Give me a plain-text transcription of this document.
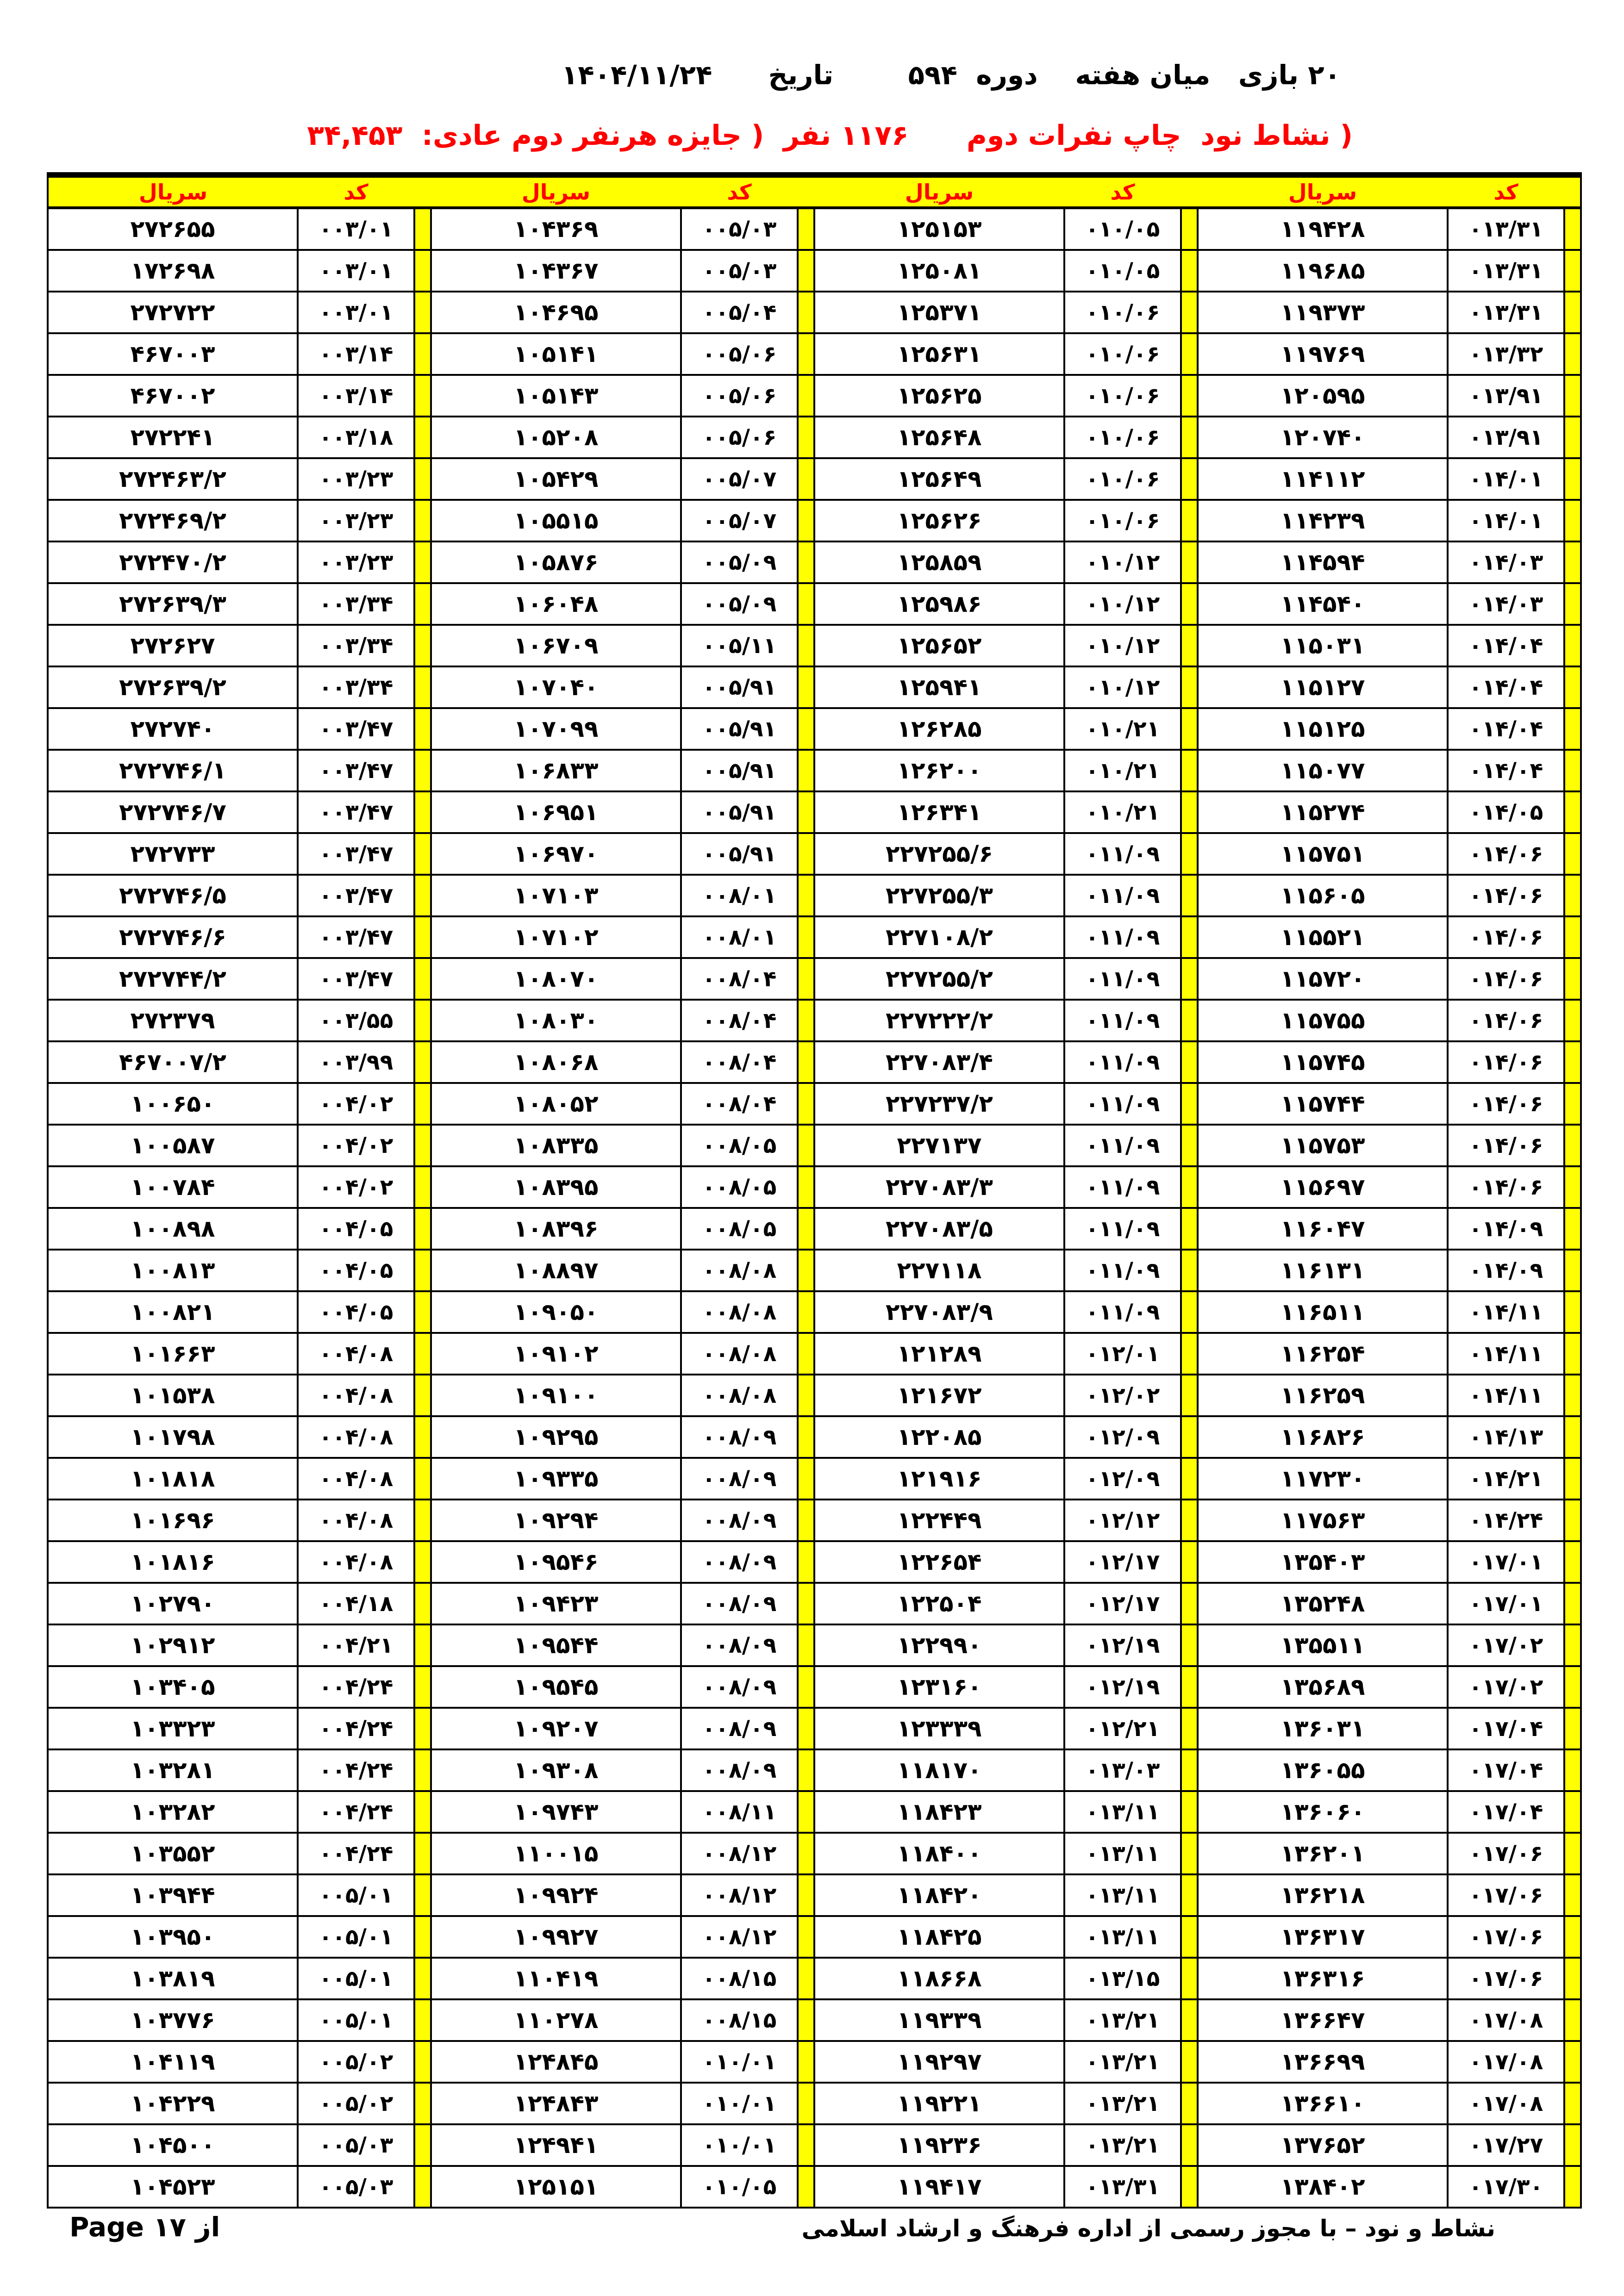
۲۰ بازی   میان هفته    دوره  ۵۹۴        تاریخ      ۱۴۰۴/۱۱/۲۴
( نشاط نود  چاپ نفرات دوم      ۱۱۷۶ نفر  ( جایزه هرنفر دوم عادی:  ۳۴,۴۵۳
	کد	سریال		کد	سریال		کد	سریال		کد	سریال
	۰۱۳/۳۱	۱۱۹۴۲۸		۰۱۰/۰۵	۱۲۵۱۵۳		۰۰۵/۰۳	۱۰۴۳۶۹		۰۰۳/۰۱	۲۷۲۶۵۵
	۰۱۳/۳۱	۱۱۹۶۸۵		۰۱۰/۰۵	۱۲۵۰۸۱		۰۰۵/۰۳	۱۰۴۳۶۷		۰۰۳/۰۱	۱۷۲۶۹۸
	۰۱۳/۳۱	۱۱۹۳۷۳		۰۱۰/۰۶	۱۲۵۳۷۱		۰۰۵/۰۴	۱۰۴۶۹۵		۰۰۳/۰۱	۲۷۲۷۲۲
	۰۱۳/۳۲	۱۱۹۷۶۹		۰۱۰/۰۶	۱۲۵۶۳۱		۰۰۵/۰۶	۱۰۵۱۴۱		۰۰۳/۱۴	۴۶۷۰۰۳
	۰۱۳/۹۱	۱۲۰۵۹۵		۰۱۰/۰۶	۱۲۵۶۲۵		۰۰۵/۰۶	۱۰۵۱۴۳		۰۰۳/۱۴	۴۶۷۰۰۲
	۰۱۳/۹۱	۱۲۰۷۴۰		۰۱۰/۰۶	۱۲۵۶۴۸		۰۰۵/۰۶	۱۰۵۲۰۸		۰۰۳/۱۸	۲۷۲۲۴۱
	۰۱۴/۰۱	۱۱۴۱۱۲		۰۱۰/۰۶	۱۲۵۶۴۹		۰۰۵/۰۷	۱۰۵۴۲۹		۰۰۳/۲۳	۲۷۲۴۶۳/۲
	۰۱۴/۰۱	۱۱۴۲۳۹		۰۱۰/۰۶	۱۲۵۶۲۶		۰۰۵/۰۷	۱۰۵۵۱۵		۰۰۳/۲۳	۲۷۲۴۶۹/۲
	۰۱۴/۰۳	۱۱۴۵۹۴		۰۱۰/۱۲	۱۲۵۸۵۹		۰۰۵/۰۹	۱۰۵۸۷۶		۰۰۳/۲۳	۲۷۲۴۷۰/۲
	۰۱۴/۰۳	۱۱۴۵۴۰		۰۱۰/۱۲	۱۲۵۹۸۶		۰۰۵/۰۹	۱۰۶۰۴۸		۰۰۳/۳۴	۲۷۲۶۳۹/۳
	۰۱۴/۰۴	۱۱۵۰۳۱		۰۱۰/۱۲	۱۲۵۶۵۲		۰۰۵/۱۱	۱۰۶۷۰۹		۰۰۳/۳۴	۲۷۲۶۲۷
	۰۱۴/۰۴	۱۱۵۱۲۷		۰۱۰/۱۲	۱۲۵۹۴۱		۰۰۵/۹۱	۱۰۷۰۴۰		۰۰۳/۳۴	۲۷۲۶۳۹/۲
	۰۱۴/۰۴	۱۱۵۱۲۵		۰۱۰/۲۱	۱۲۶۲۸۵		۰۰۵/۹۱	۱۰۷۰۹۹		۰۰۳/۴۷	۲۷۲۷۴۰
	۰۱۴/۰۴	۱۱۵۰۷۷		۰۱۰/۲۱	۱۲۶۲۰۰		۰۰۵/۹۱	۱۰۶۸۳۳		۰۰۳/۴۷	۲۷۲۷۴۶/۱
	۰۱۴/۰۵	۱۱۵۲۷۴		۰۱۰/۲۱	۱۲۶۳۴۱		۰۰۵/۹۱	۱۰۶۹۵۱		۰۰۳/۴۷	۲۷۲۷۴۶/۷
	۰۱۴/۰۶	۱۱۵۷۵۱		۰۱۱/۰۹	۲۲۷۲۵۵/۶		۰۰۵/۹۱	۱۰۶۹۷۰		۰۰۳/۴۷	۲۷۲۷۳۳
	۰۱۴/۰۶	۱۱۵۶۰۵		۰۱۱/۰۹	۲۲۷۲۵۵/۳		۰۰۸/۰۱	۱۰۷۱۰۳		۰۰۳/۴۷	۲۷۲۷۴۶/۵
	۰۱۴/۰۶	۱۱۵۵۲۱		۰۱۱/۰۹	۲۲۷۱۰۸/۲		۰۰۸/۰۱	۱۰۷۱۰۲		۰۰۳/۴۷	۲۷۲۷۴۶/۶
	۰۱۴/۰۶	۱۱۵۷۲۰		۰۱۱/۰۹	۲۲۷۲۵۵/۲		۰۰۸/۰۴	۱۰۸۰۷۰		۰۰۳/۴۷	۲۷۲۷۴۴/۲
	۰۱۴/۰۶	۱۱۵۷۵۵		۰۱۱/۰۹	۲۲۷۲۲۲/۲		۰۰۸/۰۴	۱۰۸۰۳۰		۰۰۳/۵۵	۲۷۲۳۷۹
	۰۱۴/۰۶	۱۱۵۷۴۵		۰۱۱/۰۹	۲۲۷۰۸۳/۴		۰۰۸/۰۴	۱۰۸۰۶۸		۰۰۳/۹۹	۴۶۷۰۰۷/۲
	۰۱۴/۰۶	۱۱۵۷۴۴		۰۱۱/۰۹	۲۲۷۲۳۷/۲		۰۰۸/۰۴	۱۰۸۰۵۲		۰۰۴/۰۲	۱۰۰۶۵۰
	۰۱۴/۰۶	۱۱۵۷۵۳		۰۱۱/۰۹	۲۲۷۱۳۷		۰۰۸/۰۵	۱۰۸۳۳۵		۰۰۴/۰۲	۱۰۰۵۸۷
	۰۱۴/۰۶	۱۱۵۶۹۷		۰۱۱/۰۹	۲۲۷۰۸۳/۳		۰۰۸/۰۵	۱۰۸۳۹۵		۰۰۴/۰۲	۱۰۰۷۸۴
	۰۱۴/۰۹	۱۱۶۰۴۷		۰۱۱/۰۹	۲۲۷۰۸۳/۵		۰۰۸/۰۵	۱۰۸۳۹۶		۰۰۴/۰۵	۱۰۰۸۹۸
	۰۱۴/۰۹	۱۱۶۱۳۱		۰۱۱/۰۹	۲۲۷۱۱۸		۰۰۸/۰۸	۱۰۸۸۹۷		۰۰۴/۰۵	۱۰۰۸۱۳
	۰۱۴/۱۱	۱۱۶۵۱۱		۰۱۱/۰۹	۲۲۷۰۸۳/۹		۰۰۸/۰۸	۱۰۹۰۵۰		۰۰۴/۰۵	۱۰۰۸۲۱
	۰۱۴/۱۱	۱۱۶۲۵۴		۰۱۲/۰۱	۱۲۱۲۸۹		۰۰۸/۰۸	۱۰۹۱۰۲		۰۰۴/۰۸	۱۰۱۶۶۳
	۰۱۴/۱۱	۱۱۶۲۵۹		۰۱۲/۰۲	۱۲۱۶۷۲		۰۰۸/۰۸	۱۰۹۱۰۰		۰۰۴/۰۸	۱۰۱۵۳۸
	۰۱۴/۱۳	۱۱۶۸۲۶		۰۱۲/۰۹	۱۲۲۰۸۵		۰۰۸/۰۹	۱۰۹۲۹۵		۰۰۴/۰۸	۱۰۱۷۹۸
	۰۱۴/۲۱	۱۱۷۲۳۰		۰۱۲/۰۹	۱۲۱۹۱۶		۰۰۸/۰۹	۱۰۹۳۳۵		۰۰۴/۰۸	۱۰۱۸۱۸
	۰۱۴/۲۴	۱۱۷۵۶۳		۰۱۲/۱۲	۱۲۲۴۴۹		۰۰۸/۰۹	۱۰۹۲۹۴		۰۰۴/۰۸	۱۰۱۶۹۶
	۰۱۷/۰۱	۱۳۵۴۰۳		۰۱۲/۱۷	۱۲۲۶۵۴		۰۰۸/۰۹	۱۰۹۵۴۶		۰۰۴/۰۸	۱۰۱۸۱۶
	۰۱۷/۰۱	۱۳۵۲۴۸		۰۱۲/۱۷	۱۲۲۵۰۴		۰۰۸/۰۹	۱۰۹۴۲۳		۰۰۴/۱۸	۱۰۲۷۹۰
	۰۱۷/۰۲	۱۳۵۵۱۱		۰۱۲/۱۹	۱۲۲۹۹۰		۰۰۸/۰۹	۱۰۹۵۴۴		۰۰۴/۲۱	۱۰۲۹۱۲
	۰۱۷/۰۲	۱۳۵۶۸۹		۰۱۲/۱۹	۱۲۳۱۶۰		۰۰۸/۰۹	۱۰۹۵۴۵		۰۰۴/۲۴	۱۰۳۴۰۵
	۰۱۷/۰۴	۱۳۶۰۳۱		۰۱۲/۲۱	۱۲۳۳۳۹		۰۰۸/۰۹	۱۰۹۲۰۷		۰۰۴/۲۴	۱۰۳۳۲۳
	۰۱۷/۰۴	۱۳۶۰۵۵		۰۱۳/۰۳	۱۱۸۱۷۰		۰۰۸/۰۹	۱۰۹۳۰۸		۰۰۴/۲۴	۱۰۳۲۸۱
	۰۱۷/۰۴	۱۳۶۰۶۰		۰۱۳/۱۱	۱۱۸۴۲۳		۰۰۸/۱۱	۱۰۹۷۴۳		۰۰۴/۲۴	۱۰۳۲۸۲
	۰۱۷/۰۶	۱۳۶۲۰۱		۰۱۳/۱۱	۱۱۸۴۰۰		۰۰۸/۱۲	۱۱۰۰۱۵		۰۰۴/۲۴	۱۰۳۵۵۲
	۰۱۷/۰۶	۱۳۶۲۱۸		۰۱۳/۱۱	۱۱۸۴۲۰		۰۰۸/۱۲	۱۰۹۹۲۴		۰۰۵/۰۱	۱۰۳۹۴۴
	۰۱۷/۰۶	۱۳۶۳۱۷		۰۱۳/۱۱	۱۱۸۴۲۵		۰۰۸/۱۲	۱۰۹۹۲۷		۰۰۵/۰۱	۱۰۳۹۵۰
	۰۱۷/۰۶	۱۳۶۳۱۶		۰۱۳/۱۵	۱۱۸۶۶۸		۰۰۸/۱۵	۱۱۰۴۱۹		۰۰۵/۰۱	۱۰۳۸۱۹
	۰۱۷/۰۸	۱۳۶۶۴۷		۰۱۳/۲۱	۱۱۹۳۳۹		۰۰۸/۱۵	۱۱۰۲۷۸		۰۰۵/۰۱	۱۰۳۷۷۶
	۰۱۷/۰۸	۱۳۶۶۹۹		۰۱۳/۲۱	۱۱۹۲۹۷		۰۱۰/۰۱	۱۲۴۸۴۵		۰۰۵/۰۲	۱۰۴۱۱۹
	۰۱۷/۰۸	۱۳۶۶۱۰		۰۱۳/۲۱	۱۱۹۲۲۱		۰۱۰/۰۱	۱۲۴۸۴۳		۰۰۵/۰۲	۱۰۴۲۲۹
	۰۱۷/۲۷	۱۳۷۶۵۲		۰۱۳/۲۱	۱۱۹۲۳۶		۰۱۰/۰۱	۱۲۴۹۴۱		۰۰۵/۰۳	۱۰۴۵۰۰
	۰۱۷/۳۰	۱۳۸۴۰۲		۰۱۳/۳۱	۱۱۹۴۱۷		۰۱۰/۰۵	۱۲۵۱۵۱		۰۰۵/۰۳	۱۰۴۵۲۳
Page ۱۷ از	نشاط و نود – با مجوز رسمی از اداره فرهنگ و ارشاد اسلامی
